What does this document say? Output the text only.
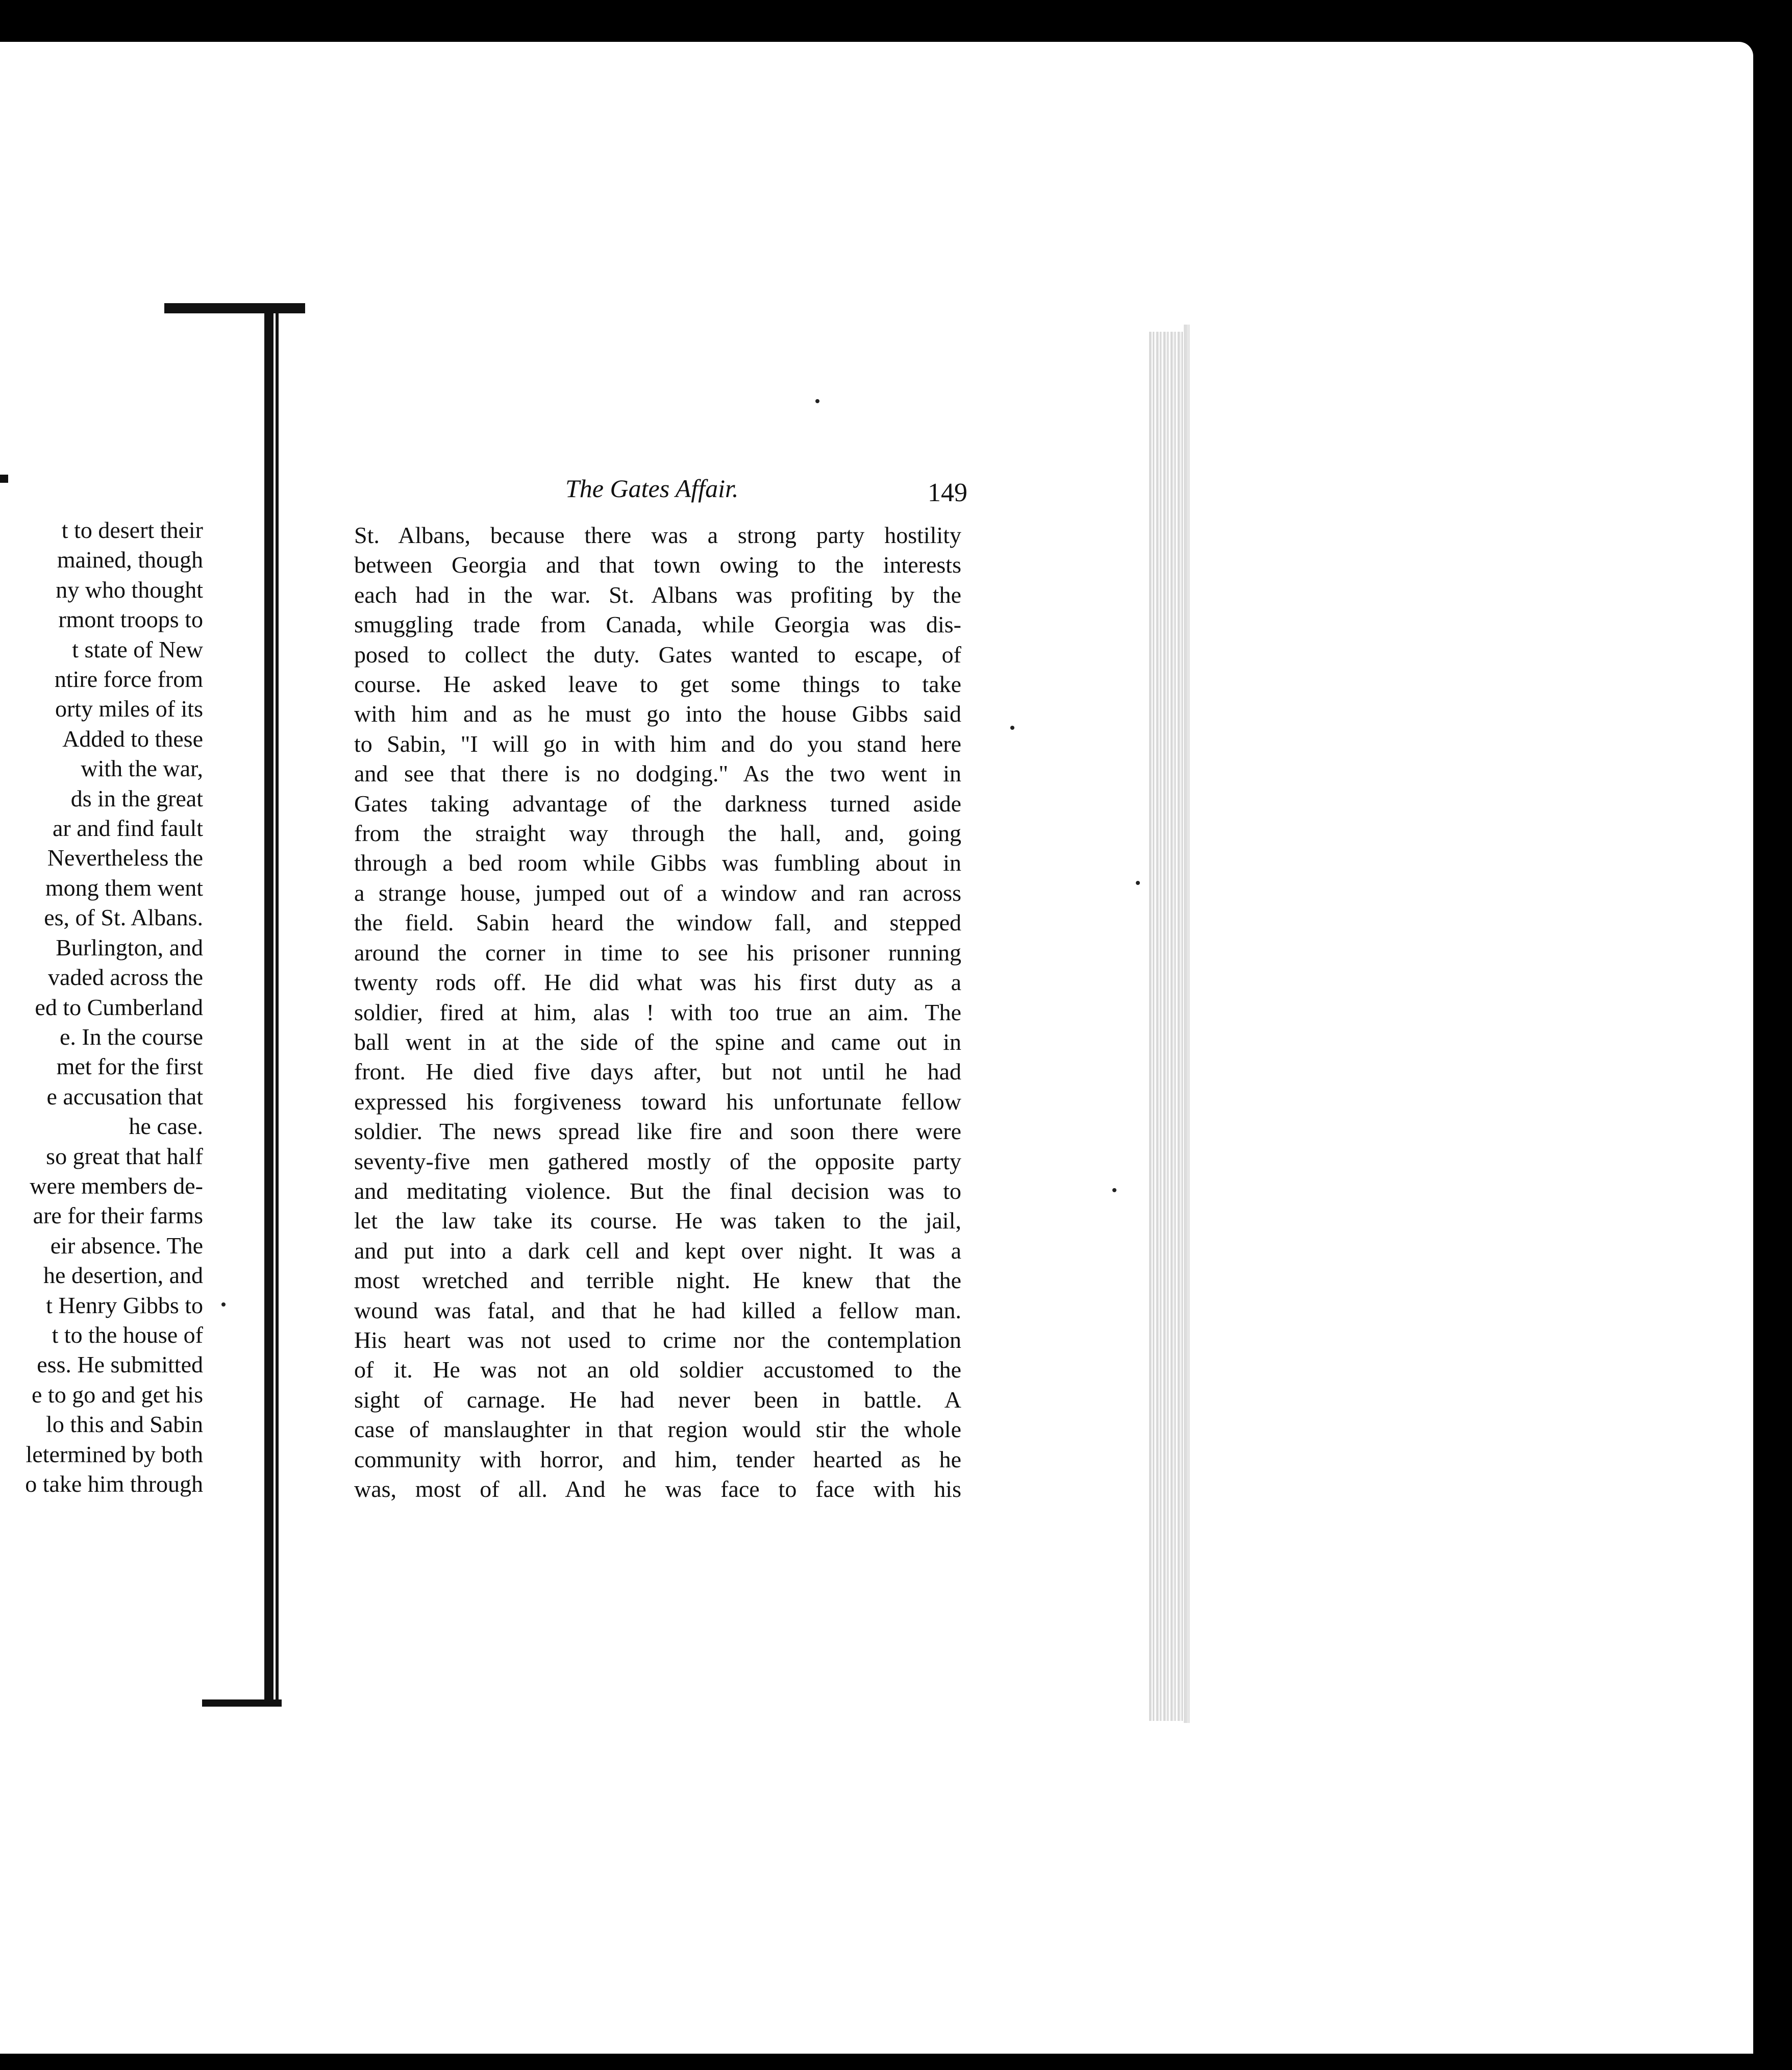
t to desert their
mained, though
ny who thought
rmont troops to
t state of New
ntire force from
orty miles of its
Added to these
with the war,
ds in the great
ar and find fault
Nevertheless the
mong them went
es, of St. Albans.
Burlington, and
vaded across the
ed to Cumberland
e. In the course
met for the first
e accusation that
he case.
so great that half
were members de-
are for their farms
eir absence. The
he desertion, and
t Henry Gibbs to
t to the house of
ess. He submitted
e to go and get his
lo this and Sabin
letermined by both
o take him through
The Gates Affair.	149
St. Albans, because there was a strong party hostility
between Georgia and that town owing to the interests
each had in the war. St. Albans was profiting by the
smuggling trade from Canada, while Georgia was dis-
posed to collect the duty. Gates wanted to escape, of
course. He asked leave to get some things to take
with him and as he must go into the house Gibbs said
to Sabin, "I will go in with him and do you stand here
and see that there is no dodging." As the two went in
Gates taking advantage of the darkness turned aside
from the straight way through the hall, and, going
through a bed room while Gibbs was fumbling about in
a strange house, jumped out of a window and ran across
the field. Sabin heard the window fall, and stepped
around the corner in time to see his prisoner running
twenty rods off. He did what was his first duty as a
soldier, fired at him, alas ! with too true an aim. The
ball went in at the side of the spine and came out in
front. He died five days after, but not until he had
expressed his forgiveness toward his unfortunate fellow
soldier. The news spread like fire and soon there were
seventy-five men gathered mostly of the opposite party
and meditating violence. But the final decision was to
let the law take its course. He was taken to the jail,
and put into a dark cell and kept over night. It was a
most wretched and terrible night. He knew that the
wound was fatal, and that he had killed a fellow man.
His heart was not used to crime nor the contemplation
of it. He was not an old soldier accustomed to the
sight of carnage. He had never been in battle. A
case of manslaughter in that region would stir the whole
community with horror, and him, tender hearted as he
was, most of all. And he was face to face with his
